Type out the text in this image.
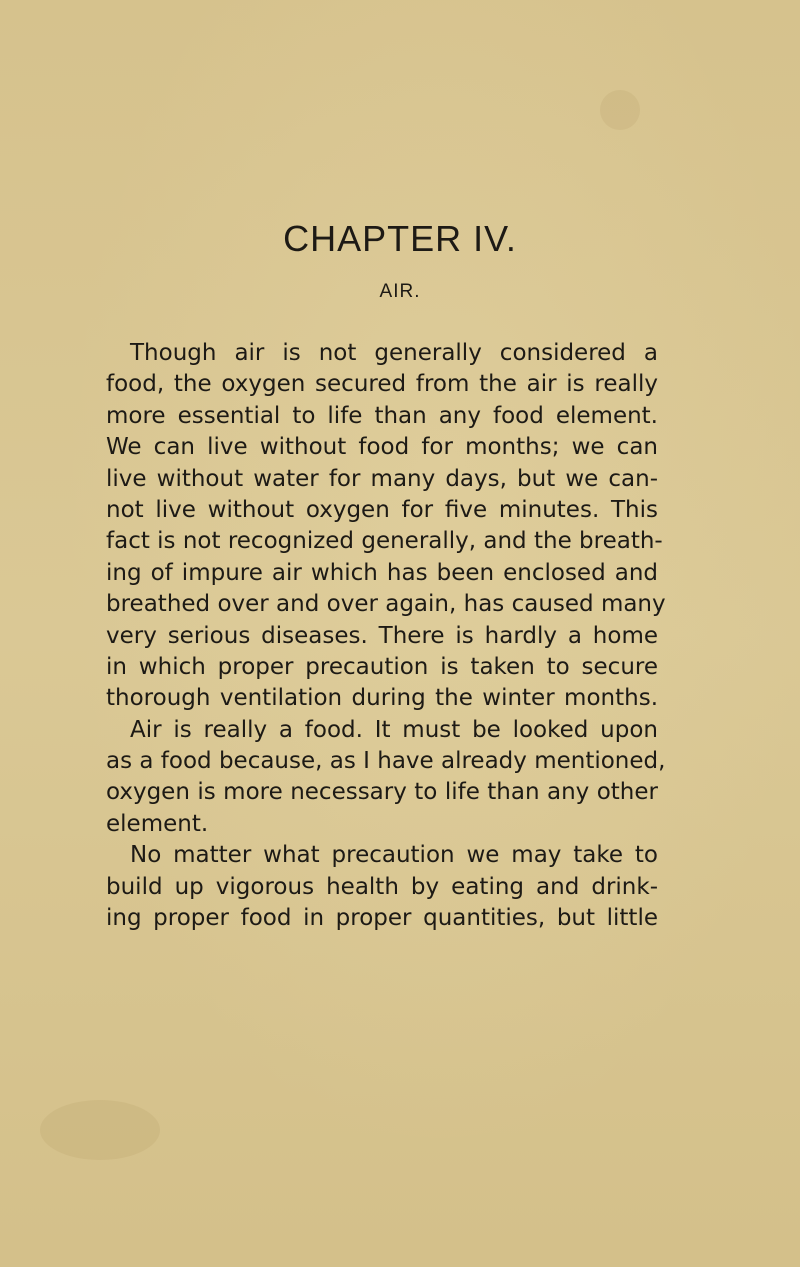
CHAPTER IV.
AIR.
Though air is not generally considered a
food, the oxygen secured from the air is really
more essential to life than any food element.
We can live without food for months; we can
live without water for many days, but we can-
not live without oxygen for five minutes. This
fact is not recognized generally, and the breath-
ing of impure air which has been enclosed and
breathed over and over again, has caused many
very serious diseases. There is hardly a home
in which proper precaution is taken to secure
thorough ventilation during the winter months.
Air is really a food. It must be looked upon
as a food because, as I have already mentioned,
oxygen is more necessary to life than any other
element.
No matter what precaution we may take to
build up vigorous health by eating and drink-
ing proper food in proper quantities, but little
